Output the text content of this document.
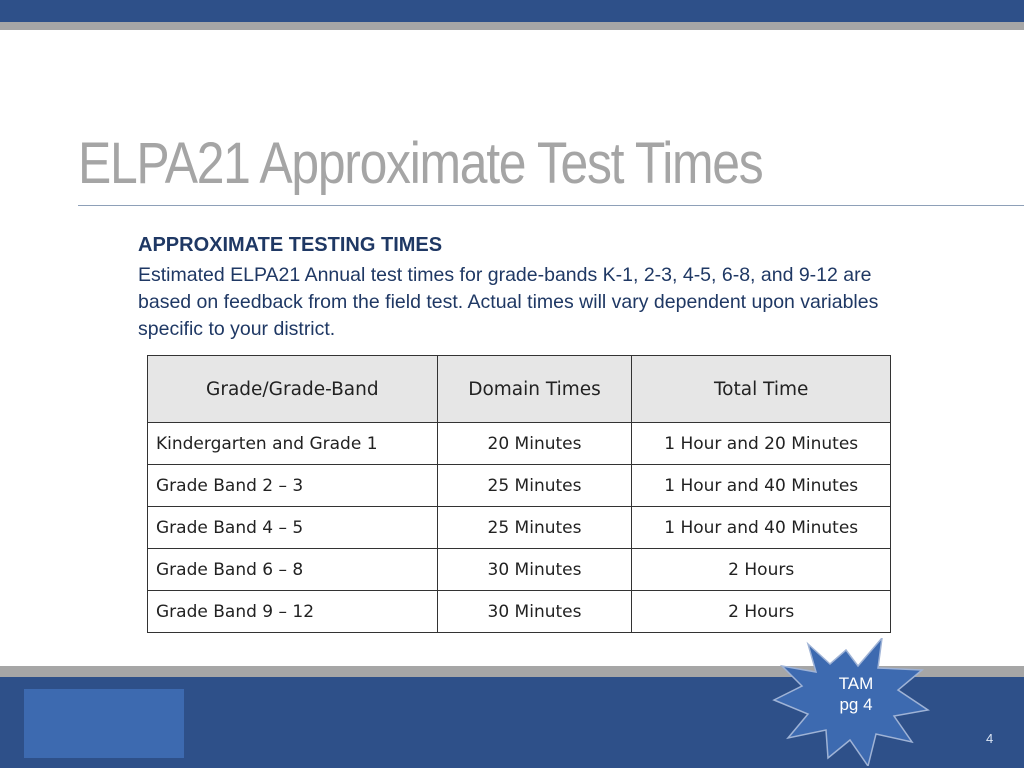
ELPA21 Approximate Test Times
APPROXIMATE TESTING TIMES
Estimated ELPA21 Annual test times for grade-bands K-1, 2-3, 4-5, 6-8, and 9-12 are based on feedback from the field test. Actual times will vary dependent upon variables specific to your district.
Grade/Grade-Band	Domain Times	Total Time
Kindergarten and Grade 1	20 Minutes	1 Hour and 20 Minutes
Grade Band 2 – 3	25 Minutes	1 Hour and 40 Minutes
Grade Band 4 – 5	25 Minutes	1 Hour and 40 Minutes
Grade Band 6 – 8	30 Minutes	2 Hours
Grade Band 9 – 12	30 Minutes	2 Hours
4
TAM
pg 4
